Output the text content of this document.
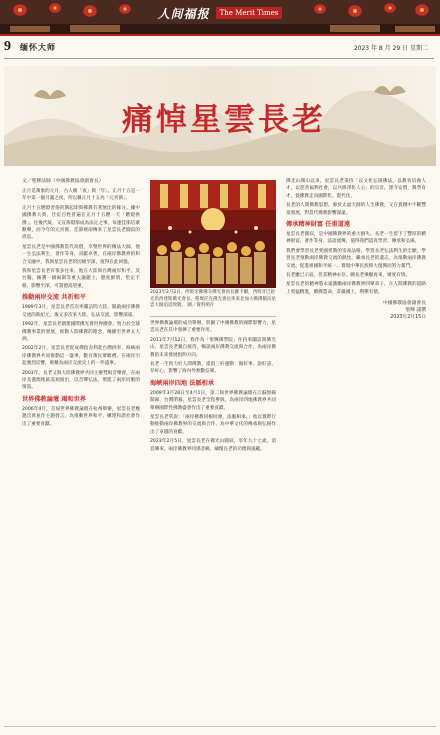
人间福报	The Merit Times
9 缅怀大师	2023 年 8 月 29 日 星期二
痛悼星雲長老
文／聖輝法師（中國佛教協會副會長）

正月是萬象的元月，古人稱「夜」與「年」。正月十五是一年中第一個月滿之夜，所以稱正月十五為「元宵節」。

正月十五燃燈習俗的興起即與佛教有著無比的緣分。據中國佛教大典，仕宦百姓普遍在正月十五燃一天「燃燈供佛」。往後代統，又宣佈燈節成為法定之事，每逢佳節信眾歡樂，而今年的元宵節，佳節裡卻傳來了星雲長老圓寂的消息。

星雲長老是中國佛教當代高僧，享譽世界的傳法大師。他一生弘法利生，著作等身，貢獻卓著，在兩岸佛教界的和合交融中，我與星雲長老的因緣至深，值得在此回憶。

我和星雲長老有很多往來，他在大陸與台灣兩岸和平、反台獨、擁護一國兩制等重大議題上，態度鮮明，堅定不移，影響至深，可謂德高望重。

推動兩岸交流 共祈和平

1989年3月，星雲長老首次率團訪問大陸，開啟兩岸佛教交流的新紀元，後又多次來大陸，弘法交流，影響深遠。

1992年，星雲長老創建國際佛光會世界總會，致力於全球佛教事業的發展，推動人間佛教的理念，傳播至世界五大洲。

2002年2月，星雲長老促成佛指舍利赴台灣供奉，海峽兩岸佛教界共同推動這一盛事，數百萬民眾瞻禮，在兩岸引起強烈反響，被稱為兩岸交流史上的一件盛事。

2003年，長老又與大陸佛教界共同主辦梵唄音樂會，在兩岸及港澳地區巡迴演出，以音聲弘法，增進了兩岸同胞的情誼。

世界佛教論壇 竭和世界

2006年4月，首屆世界佛教論壇在杭州舉辦，星雲長老應邀出席並作主題發言，為推動世界和平、構建和諧社會作出了重要貢獻。

2023年2月2日，西班牙佛佛寺佛光會員長羅卡爾，西班牙巴伦克馬西達斯佛光會長、聖瑪托克佛光會長率來北加大佛佛館向星雲大師追思致敬。 圖／資料照片

世界佛教論壇的成功舉辦，彰顯了中國佛教的國際影響力，星雲長老在其中發揮了重要作用。

2011年7月12日，我作為「聖輝佛學院」住持率團訪問佛光山，星雲長老親自接待，暢談兩岸佛教交流與合作，為兩岸佛教的未來發展指明方向。

長老一生致力於人間佛教，提倡三好運動：做好事、說好話、存好心，影響了海內外無數信眾。

海峽兩岸四地 法脈相承

2009年3月28日至4月1日，第二屆世界佛教論壇在江蘇無錫開幕，台灣閉幕，星雲長老全程參與，為兩岸四地佛教界共同舉辦國際性佛教盛會作出了重要貢獻。

星雲長老常說：「兩岸佛教同根同源，法脈相承。」他以實際行動推動兩岸佛教界的交流與合作，為中華文化的傳承與弘揚作出了卓越的貢獻。

2023年2月5日，星雲長老在佛光山圓寂，享年九十七歲。消息傳來，兩岸佛教界同感悲痛，緬懷長老的功德與風範。

佛光山開山以來，星雲長老秉持「以文化弘揚佛法，以教育培養人才，以慈善福利社會，以共修淨化人心」的宗旨，建寺安僧，興學育才，使佛教走向國際化、現代化。

長老的人間佛教思想，源於太虛大師的人生佛教，又在實踐中不斷豐富發展，對當代佛教影響深遠。

傳承精神財富 任重道遠

星雲長老圓寂，是中國佛教界的重大損失。長老一生留下了豐厚的精神財富，著作等身，法語流傳，值得我們認真學習、傳承和弘揚。

我們要學習長老愛國愛教的崇高品格，學習長老弘法利生的宏願，學習長老推動兩岸佛教交流的熱忱，繼承長老的遺志，為推動兩岸佛教交流、促進祖國和平統一、實現中華民族偉大復興而努力奮鬥。

長老雖已示寂，但其精神永存。願長老乘願再來，廣度有情。

星雲長老的精神將永遠激勵兩岸佛教界四眾弟子，在人間佛教的道路上勇猛精進，續佛慧命，莊嚴國土，利樂有情。

中國佛教協會副會長
聖輝 謹撰
2023年2月15日
